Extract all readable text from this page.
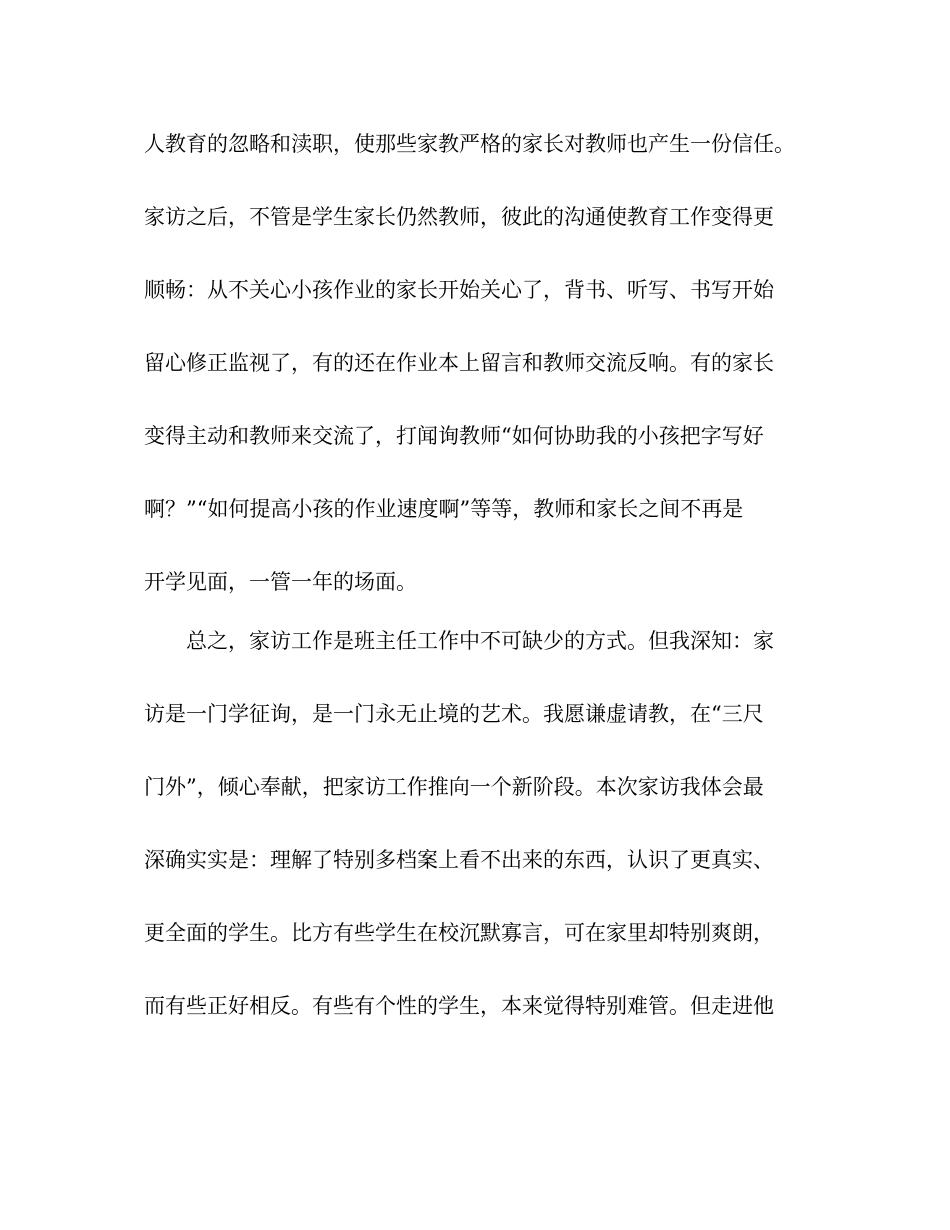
人教育的忽略和渎职，使那些家教严格的家长对教师也产生一份信任。
家访之后，不管是学生家长仍然教师，彼此的沟通使教育工作变得更
顺畅：从不关心小孩作业的家长开始关心了，背书、听写、书写开始
留心修正监视了，有的还在作业本上留言和教师交流反响。有的家长
变得主动和教师来交流了，打闻询教师“如何协助我的小孩把字写好
啊？”“如何提高小孩的作业速度啊”等等，教师和家长之间不再是
开学见面，一管一年的场面。
总之，家访工作是班主任工作中不可缺少的方式。但我深知：家
访是一门学征询，是一门永无止境的艺术。我愿谦虚请教，在“三尺
门外”，倾心奉献，把家访工作推向一个新阶段。本次家访我体会最
深确实实是：理解了特别多档案上看不出来的东西，认识了更真实、
更全面的学生。比方有些学生在校沉默寡言，可在家里却特别爽朗，
而有些正好相反。有些有个性的学生，本来觉得特别难管。但走进他
